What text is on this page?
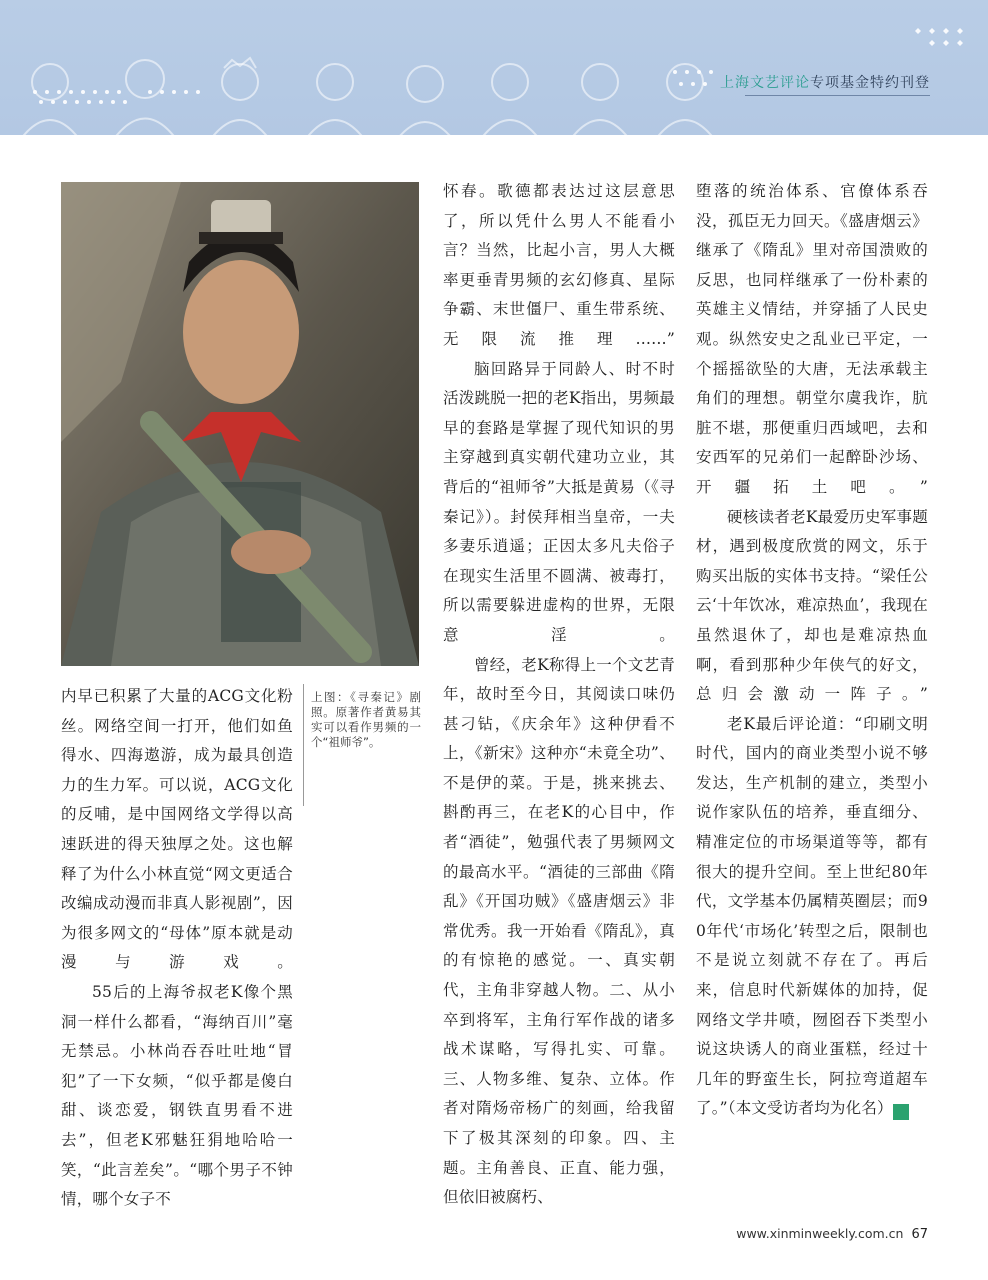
上海文艺评论专项基金特约刊登
上图：《寻秦记》剧照。原著作者黄易其实可以看作男频的一个“祖师爷”。

内早已积累了大量的ACG文化粉丝。网络空间一打开，他们如鱼得水、四海遨游，成为最具创造力的生力军。可以说，ACG文化的反哺，是中国网络文学得以高速跃进的得天独厚之处。这也解释了为什么小林直觉“网文更适合改编成动漫而非真人影视剧”，因为很多网文的“母体”原本就是动漫与游戏。

55后的上海爷叔老K像个黑洞一样什么都看，“海纳百川”毫无禁忌。小林尚吞吞吐吐地“冒犯”了一下女频，“似乎都是傻白甜、谈恋爱，钢铁直男看不进去”，但老K邪魅狂狷地哈哈一笑，“此言差矣”。“哪个男子不钟情，哪个女子不

怀春。歌德都表达过这层意思了，所以凭什么男人不能看小言？当然，比起小言，男人大概率更垂青男频的玄幻修真、星际争霸、末世僵尸、重生带系统、无限流推理……”

脑回路异于同龄人、时不时活泼跳脱一把的老K指出，男频最早的套路是掌握了现代知识的男主穿越到真实朝代建功立业，其背后的“祖师爷”大抵是黄易（《寻秦记》）。封侯拜相当皇帝，一夫多妻乐逍遥；正因太多凡夫俗子在现实生活里不圆满、被毒打，所以需要躲进虚构的世界，无限意淫。

曾经，老K称得上一个文艺青年，故时至今日，其阅读口味仍甚刁钻，《庆余年》这种伊看不上，《新宋》这种亦“未竟全功”、不是伊的菜。于是，挑来挑去、斟酌再三，在老K的心目中，作者“酒徒”，勉强代表了男频网文的最高水平。“酒徒的三部曲《隋乱》《开国功贼》《盛唐烟云》非常优秀。我一开始看《隋乱》，真的有惊艳的感觉。一、真实朝代，主角非穿越人物。二、从小卒到将军，主角行军作战的诸多战术谋略，写得扎实、可靠。三、人物多维、复杂、立体。作者对隋炀帝杨广的刻画，给我留下了极其深刻的印象。四、主题。主角善良、正直、能力强，但依旧被腐朽、

堕落的统治体系、官僚体系吞没，孤臣无力回天。《盛唐烟云》继承了《隋乱》里对帝国溃败的反思，也同样继承了一份朴素的英雄主义情结，并穿插了人民史观。纵然安史之乱业已平定，一个摇摇欲坠的大唐，无法承载主角们的理想。朝堂尔虞我诈，肮脏不堪，那便重归西域吧，去和安西军的兄弟们一起醉卧沙场、开疆拓土吧。”

硬核读者老K最爱历史军事题材，遇到极度欣赏的网文，乐于购买出版的实体书支持。“梁任公云‘十年饮冰，难凉热血’，我现在虽然退休了，却也是难凉热血啊，看到那种少年侠气的好文，总归会激动一阵子。”

老K最后评论道：“印刷文明时代，国内的商业类型小说不够发达，生产机制的建立，类型小说作家队伍的培养，垂直细分、精准定位的市场渠道等等，都有很大的提升空间。至上世纪80年代，文学基本仍属精英圈层；而90年代‘市场化’转型之后，限制也不是说立刻就不存在了。再后来，信息时代新媒体的加持，促网络文学井喷，囫囵吞下类型小说这块诱人的商业蛋糕，经过十几年的野蛮生长，阿拉弯道超车了。”（本文受访者均为化名）	民

www.xinminweekly.com.cn 67
